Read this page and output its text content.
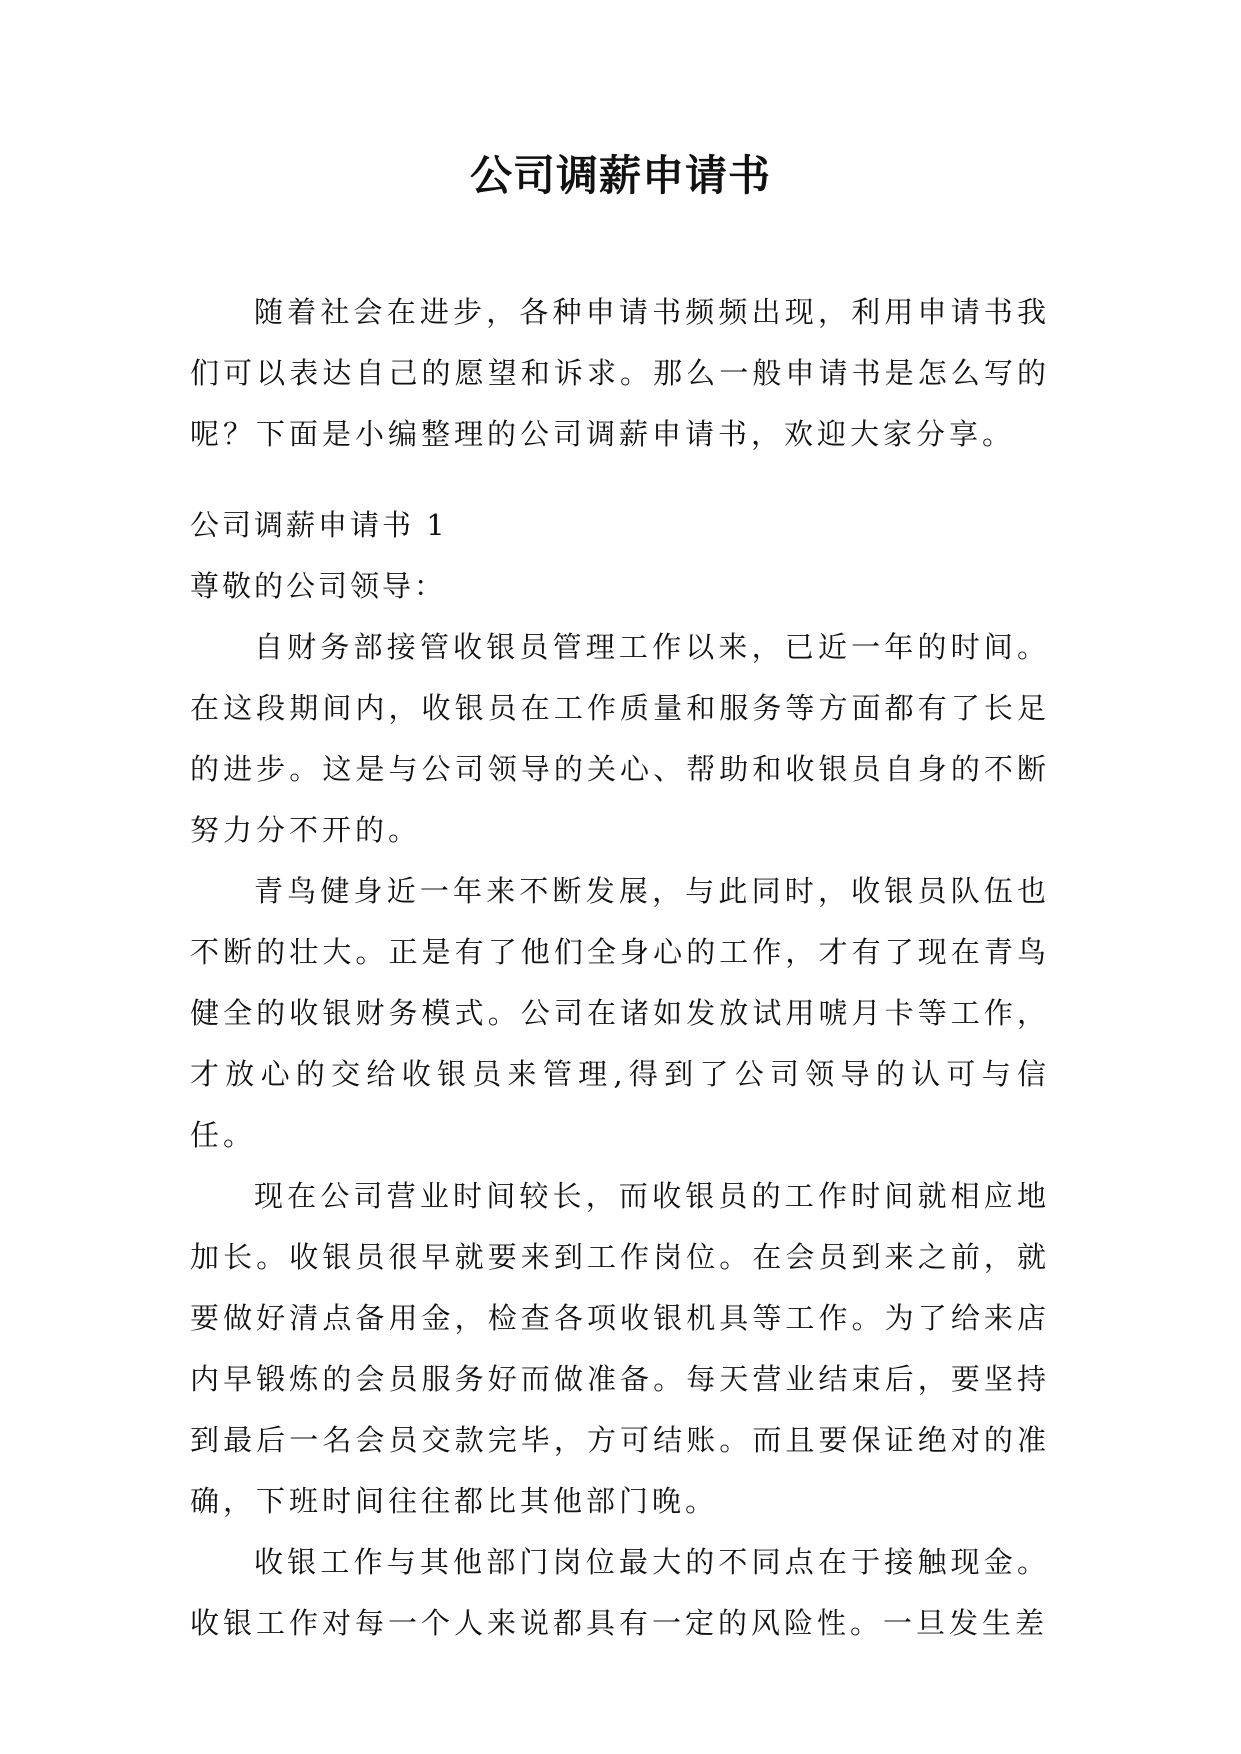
公司调薪申请书

随着社会在进步，各种申请书频频出现，利用申请书我们可以表达自己的愿望和诉求。那么一般申请书是怎么写的呢？下面是小编整理的公司调薪申请书，欢迎大家分享。

公司调薪申请书 1

尊敬的公司领导：

自财务部接管收银员管理工作以来，已近一年的时间。在这段期间内，收银员在工作质量和服务等方面都有了长足的进步。这是与公司领导的关心、帮助和收银员自身的不断努力分不开的。

青鸟健身近一年来不断发展，与此同时，收银员队伍也不断的壮大。正是有了他们全身心的工作，才有了现在青鸟健全的收银财务模式。公司在诸如发放试用唬月卡等工作，才放心的交给收银员来管理,得到了公司领导的认可与信任。

现在公司营业时间较长，而收银员的工作时间就相应地加长。收银员很早就要来到工作岗位。在会员到来之前，就要做好清点备用金，检查各项收银机具等工作。为了给来店内早锻炼的会员服务好而做准备。每天营业结束后，要坚持到最后一名会员交款完毕，方可结账。而且要保证绝对的准确，下班时间往往都比其他部门晚。

收银工作与其他部门岗位最大的不同点在于接触现金。收银工作对每一个人来说都具有一定的风险性。一旦发生差
